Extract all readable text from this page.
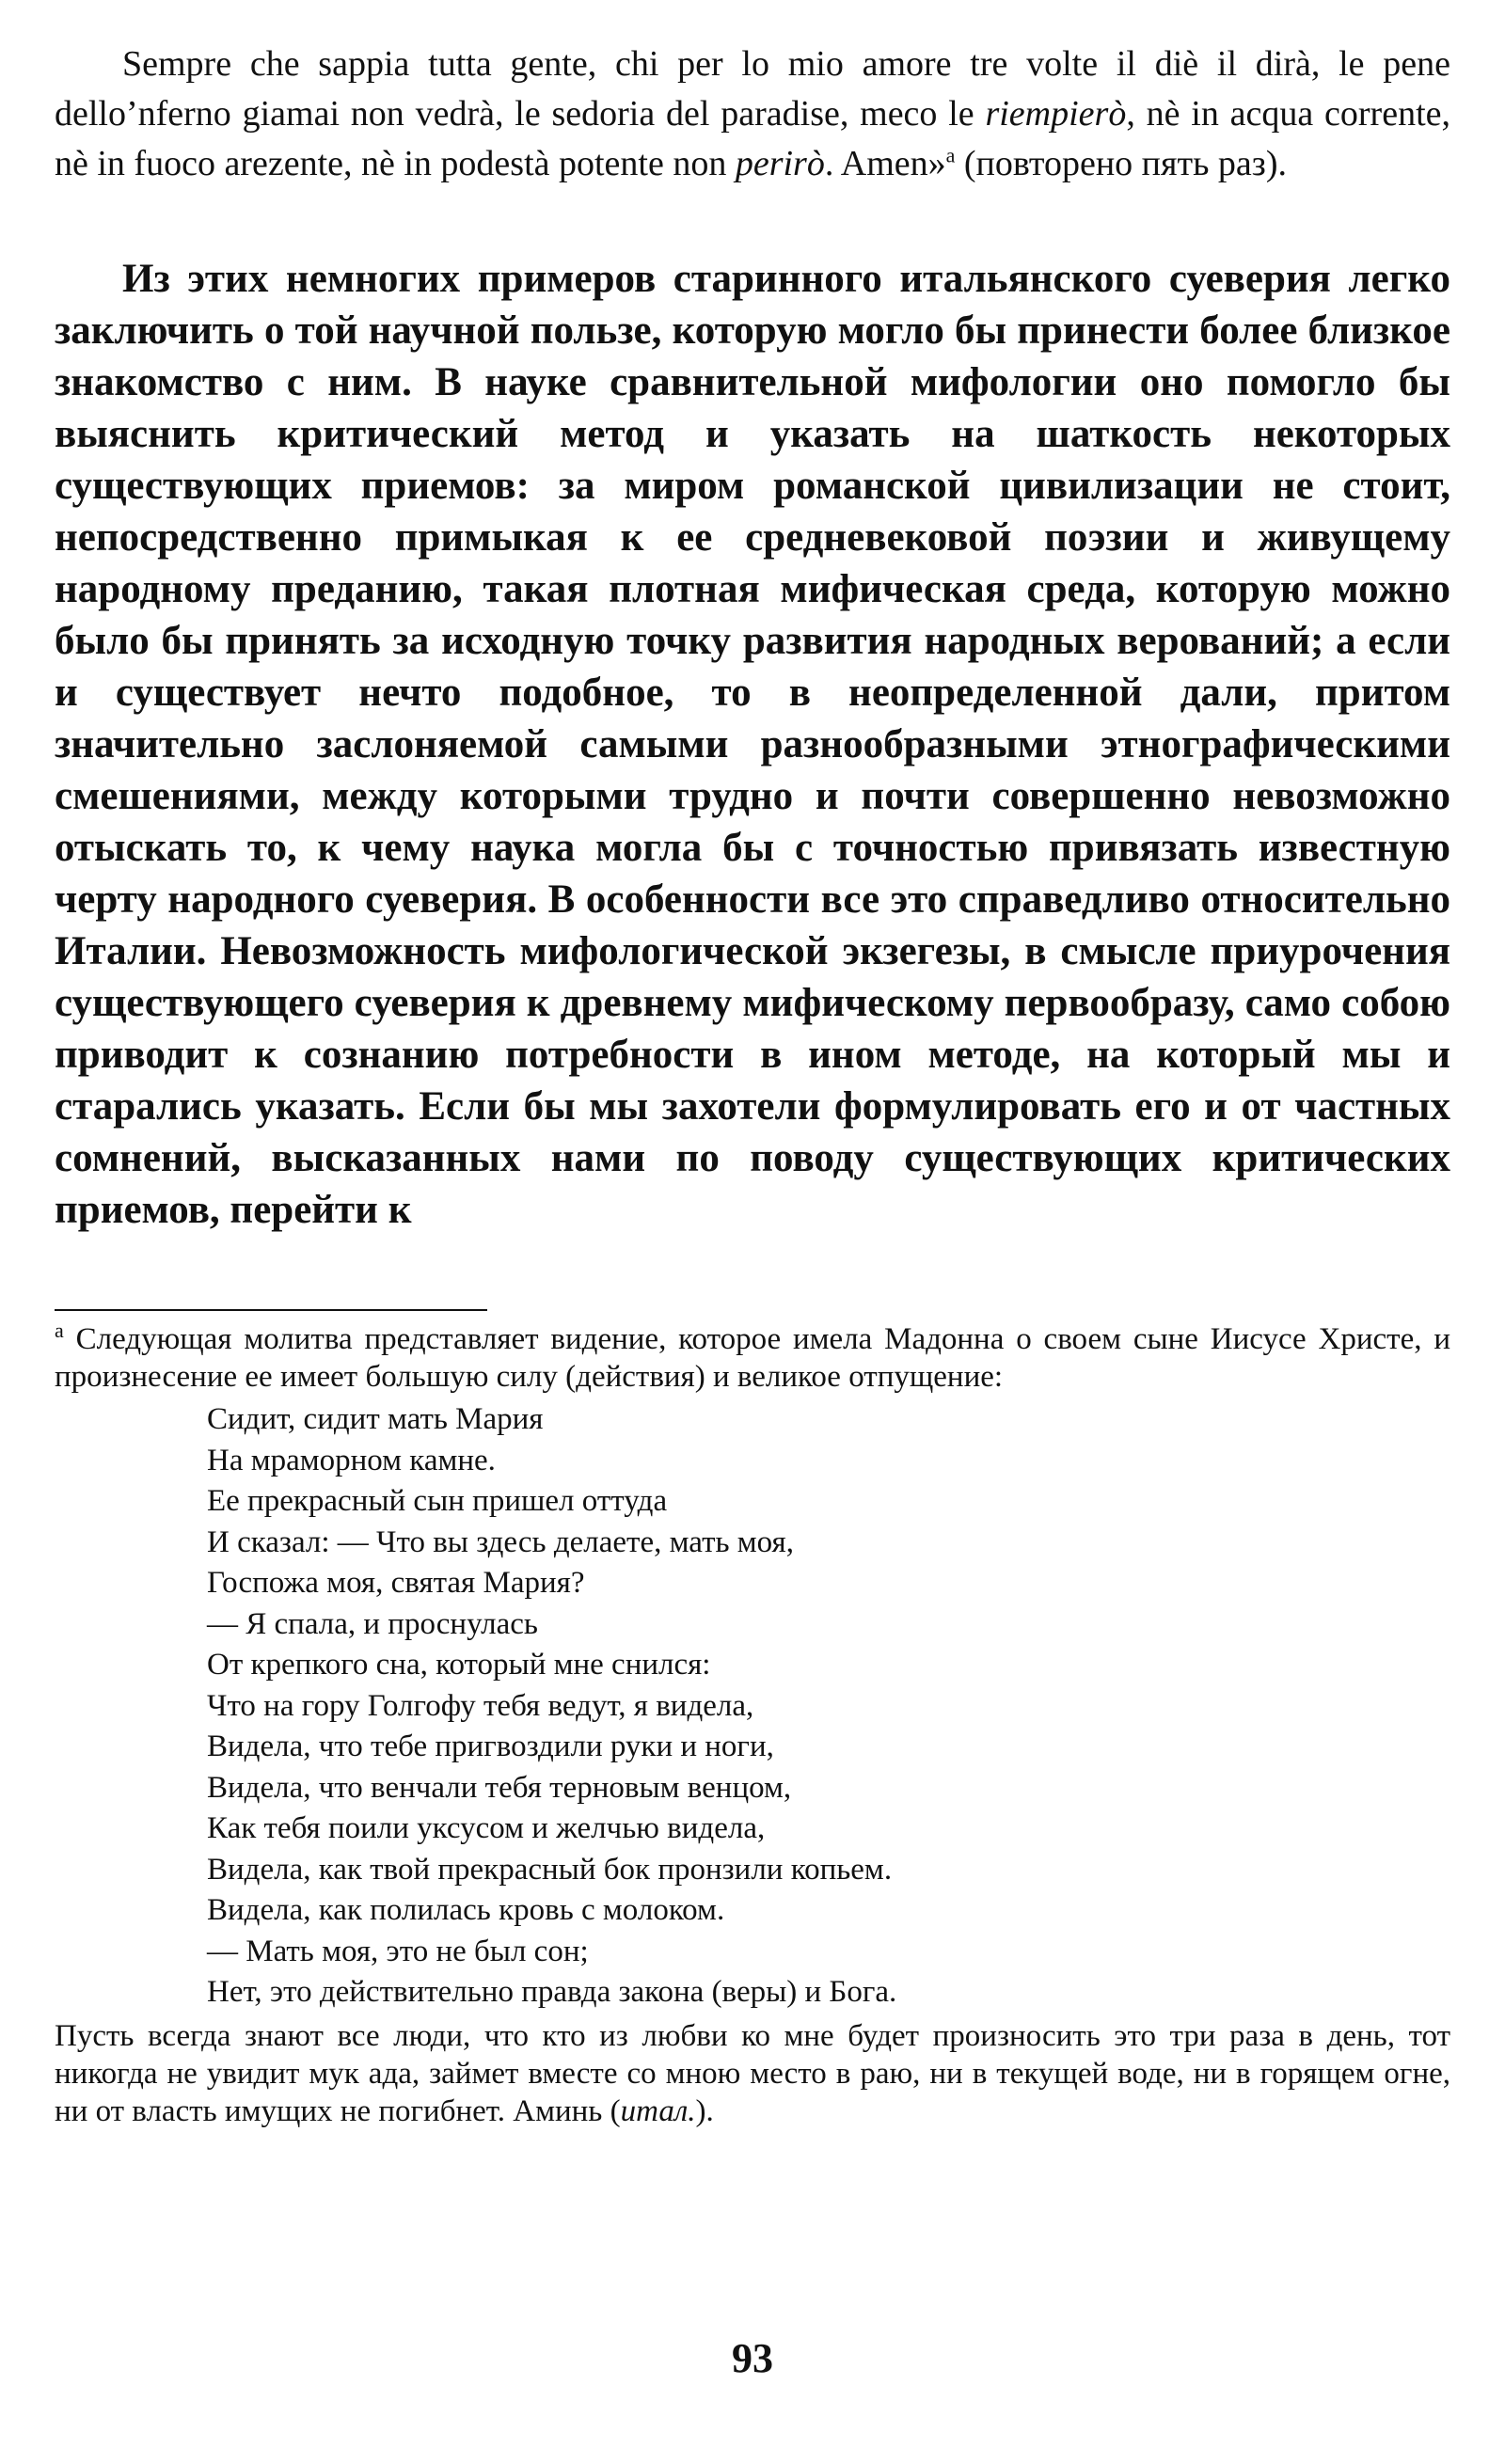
Sempre che sappia tutta gente, chi per lo mio amore tre volte il diè il dirà, le pene dello’nferno giamai non vedrà, le sedoria del paradise, meco le riempierò, nè in acqua corrente, nè in fuoco arezente, nè in podestà potente non perirò. Amen»$^a$ (повторено пять раз).

Из этих немногих примеров старинного итальянского суеверия легко заключить о той научной пользе, которую могло бы принести более близкое знакомство с ним. В науке сравнительной мифологии оно помогло бы выяснить критический метод и указать на шаткость некоторых существующих приемов: за миром романской цивилизации не стоит, непосредственно примыкая к ее средневековой поэзии и живущему народному преданию, такая плотная мифическая среда, которую можно было бы принять за исходную точку развития народных верований; а если и существует нечто подобное, то в неопределенной дали, притом значительно заслоняемой самыми разнообразными этнографическими смешениями, между которыми трудно и почти совершенно невозможно отыскать то, к чему наука могла бы с точностью привязать известную черту народного суеверия. В особенности все это справедливо относительно Италии. Невозможность мифологической экзегезы, в смысле приурочения существующего суеверия к древнему мифическому первообразу, само собою приводит к сознанию потребности в ином методе, на который мы и старались указать. Если бы мы захотели формулировать его и от частных сомнений, высказанных нами по поводу существующих критических приемов, перейти к

$^a$ Следующая молитва представляет видение, которое имела Мадонна о своем сыне Иисусе Христе, и произнесение ее имеет большую силу (действия) и великое отпущение:

Сидит, сидит мать Мария
На мраморном камне.
Ее прекрасный сын пришел оттуда
И сказал: — Что вы здесь делаете, мать моя,
Госпожа моя, святая Мария?
— Я спала, и проснулась
От крепкого сна, который мне снился:
Что на гору Голгофу тебя ведут, я видела,
Видела, что тебе пригвоздили руки и ноги,
Видела, что венчали тебя терновым венцом,
Как тебя поили уксусом и желчью видела,
Видела, как твой прекрасный бок пронзили копьем.
Видела, как полилась кровь с молоком.
— Мать моя, это не был сон;
Нет, это действительно правда закона (веры) и Бога.

Пусть всегда знают все люди, что кто из любви ко мне будет произносить это три раза в день, тот никогда не увидит мук ада, займет вместе со мною место в раю, ни в текущей воде, ни в горящем огне, ни от власть имущих не погибнет. Аминь (итал.).

93
